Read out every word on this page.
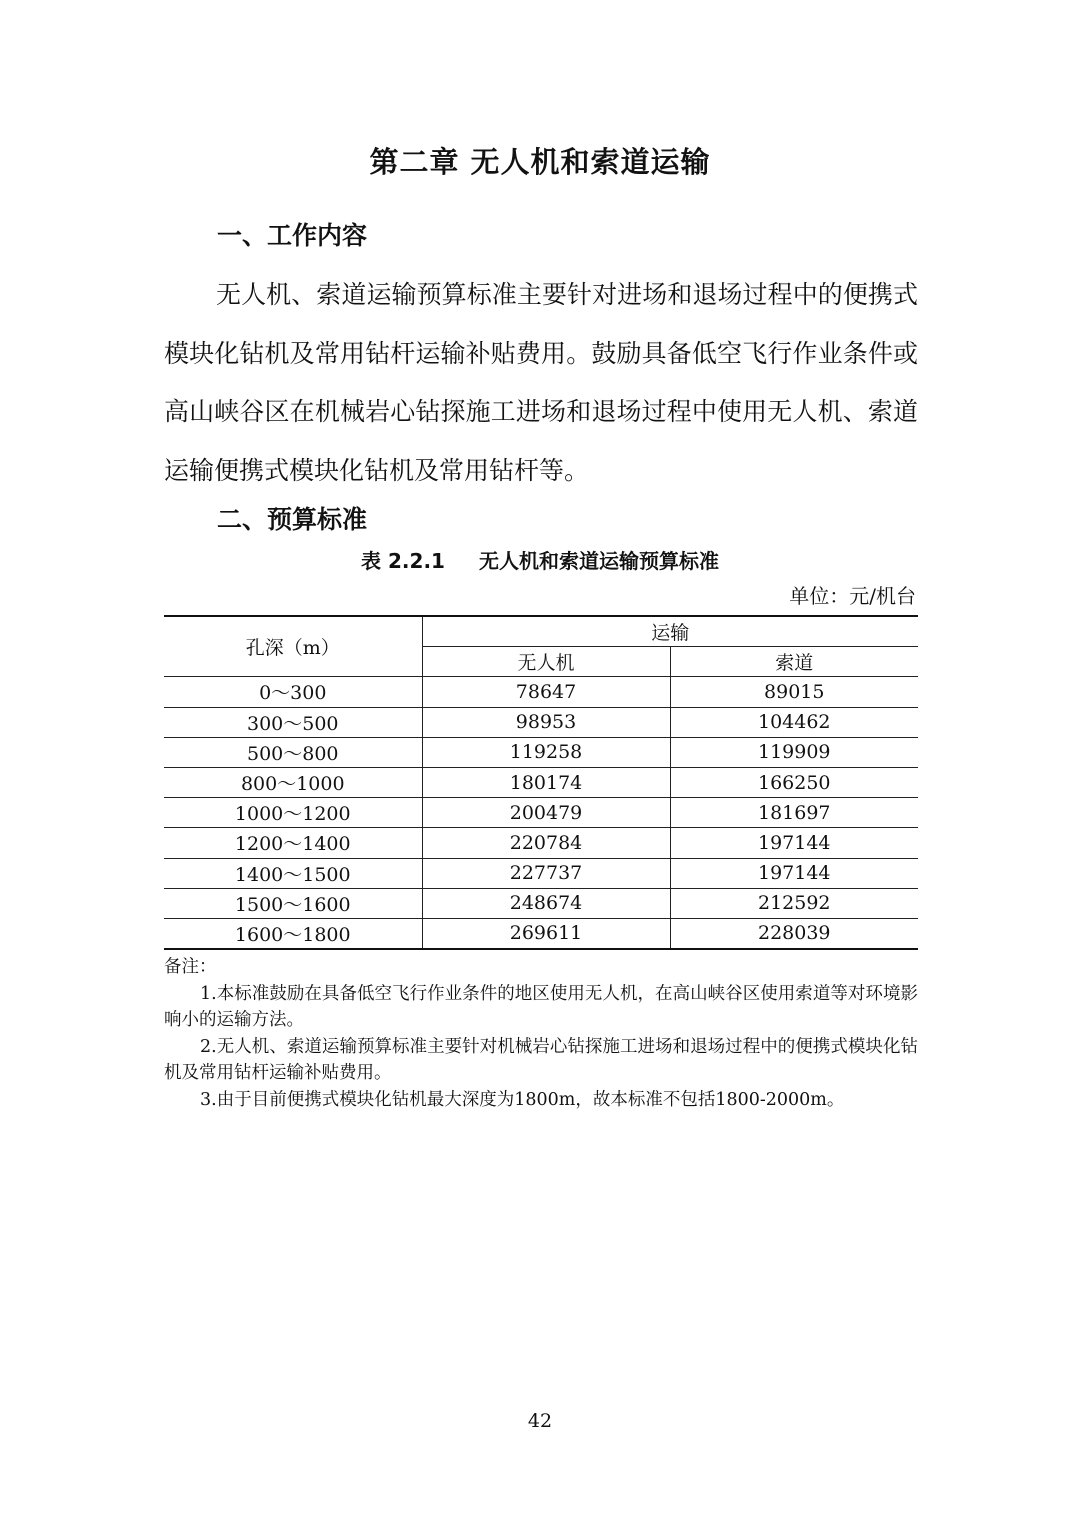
第二章 无人机和索道运输
一、工作内容

无人机、索道运输预算标准主要针对进场和退场过程中的便携式模块化钻机及常用钻杆运输补贴费用。鼓励具备低空飞行作业条件或高山峡谷区在机械岩心钻探施工进场和退场过程中使用无人机、索道运输便携式模块化钻机及常用钻杆等。

二、预算标准
表 2.2.1 无人机和索道运输预算标准
单位：元/机台
孔深（m）	运输	
	无人机	索道
0～300	78647	89015
300～500	98953	104462
500～800	119258	119909
800～1000	180174	166250
1000～1200	200479	181697
1200～1400	220784	197144
1400～1500	227737	197144
1500～1600	248674	212592
1600～1800	269611	228039

备注：

1.本标准鼓励在具备低空飞行作业条件的地区使用无人机，在高山峡谷区使用索道等对环境影响小的运输方法。

2.无人机、索道运输预算标准主要针对机械岩心钻探施工进场和退场过程中的便携式模块化钻机及常用钻杆运输补贴费用。

3.由于目前便携式模块化钻机最大深度为1800m，故本标准不包括1800-2000m。

42
